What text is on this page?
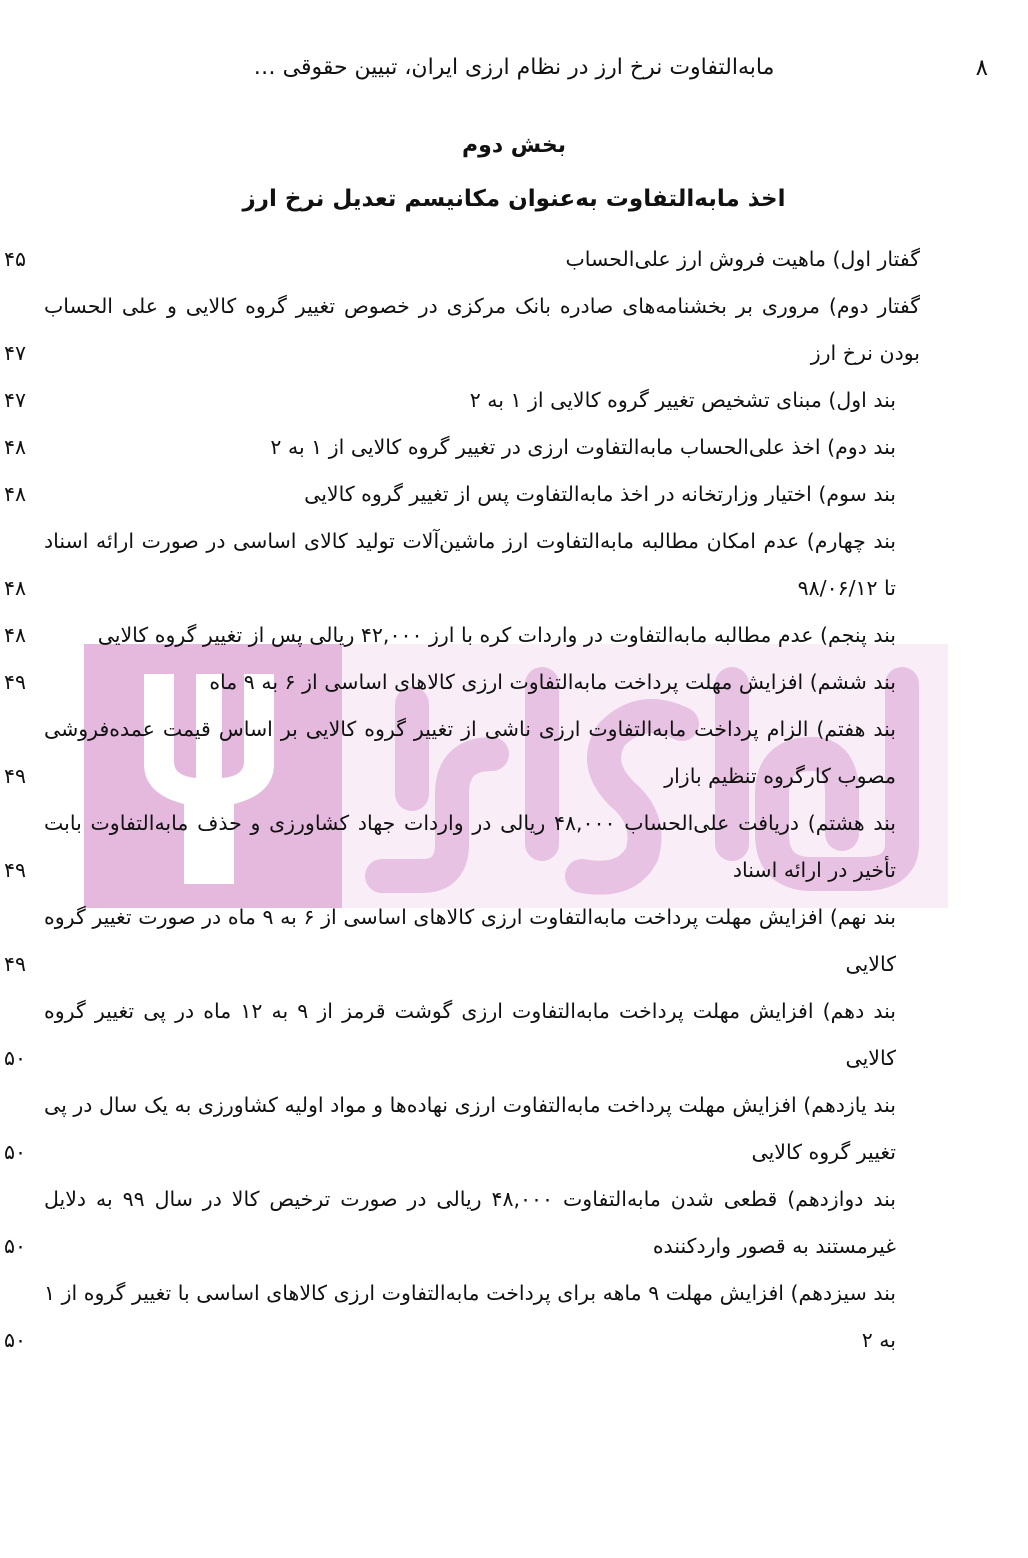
۸
مابه‌التفاوت نرخ ارز در نظام ارزی ایران، تبیین حقوقی …
بخش دوم
اخذ مابه‌التفاوت به‌عنوان مکانیسم تعدیل نرخ ارز
گفتار اول) ماهیت فروش ارز علی‌الحساب
۴۵
گفتار دوم) مروری بر بخشنامه‌های صادره بانک مرکزی در خصوص تغییر گروه کالایی و علی الحساب بودن نرخ ارز
۴۷
بند اول) مبنای تشخیص تغییر گروه کالایی از ۱ به ۲
۴۷
بند دوم) اخذ علی‌الحساب مابه‌التفاوت ارزی در تغییر گروه کالایی از ۱ به ۲
۴۸
بند سوم) اختیار وزارتخانه در اخذ مابه‌التفاوت پس از تغییر گروه کالایی
۴۸
بند چهارم) عدم امکان مطالبه مابه‌التفاوت ارز ماشین‌آلات تولید کالای اساسی در صورت ارائه اسناد تا ۹۸/۰۶/۱۲
۴۸
بند پنجم) عدم مطالبه مابه‌التفاوت در واردات کره با ارز ۴۲,۰۰۰ ریالی پس از تغییر گروه کالایی
۴۸
بند ششم) افزایش مهلت پرداخت مابه‌التفاوت ارزی کالاهای اساسی از ۶ به ۹ ماه
۴۹
بند هفتم) الزام پرداخت مابه‌التفاوت ارزی ناشی از تغییر گروه کالایی بر اساس قیمت عمده‌فروشی مصوب کارگروه تنظیم بازار
۴۹
بند هشتم) دریافت علی‌الحساب ۴۸,۰۰۰ ریالی در واردات جهاد کشاورزی و حذف مابه‌التفاوت بابت تأخیر در ارائه اسناد
۴۹
بند نهم) افزایش مهلت پرداخت مابه‌التفاوت ارزی کالاهای اساسی از ۶ به ۹ ماه در صورت تغییر گروه کالایی
۴۹
بند دهم) افزایش مهلت پرداخت مابه‌التفاوت ارزی گوشت قرمز از ۹ به ۱۲ ماه در پی تغییر گروه کالایی
۵۰
بند یازدهم) افزایش مهلت پرداخت مابه‌التفاوت ارزی نهاده‌ها و مواد اولیه کشاورزی به یک سال در پی تغییر گروه کالایی
۵۰
بند دوازدهم) قطعی شدن مابه‌التفاوت ۴۸,۰۰۰ ریالی در صورت ترخیص کالا در سال ۹۹ به دلایل غیرمستند به قصور واردکننده
۵۰
بند سیزدهم) افزایش مهلت ۹ ماهه برای پرداخت مابه‌التفاوت ارزی کالاهای اساسی با تغییر گروه از ۱ به ۲
۵۰
